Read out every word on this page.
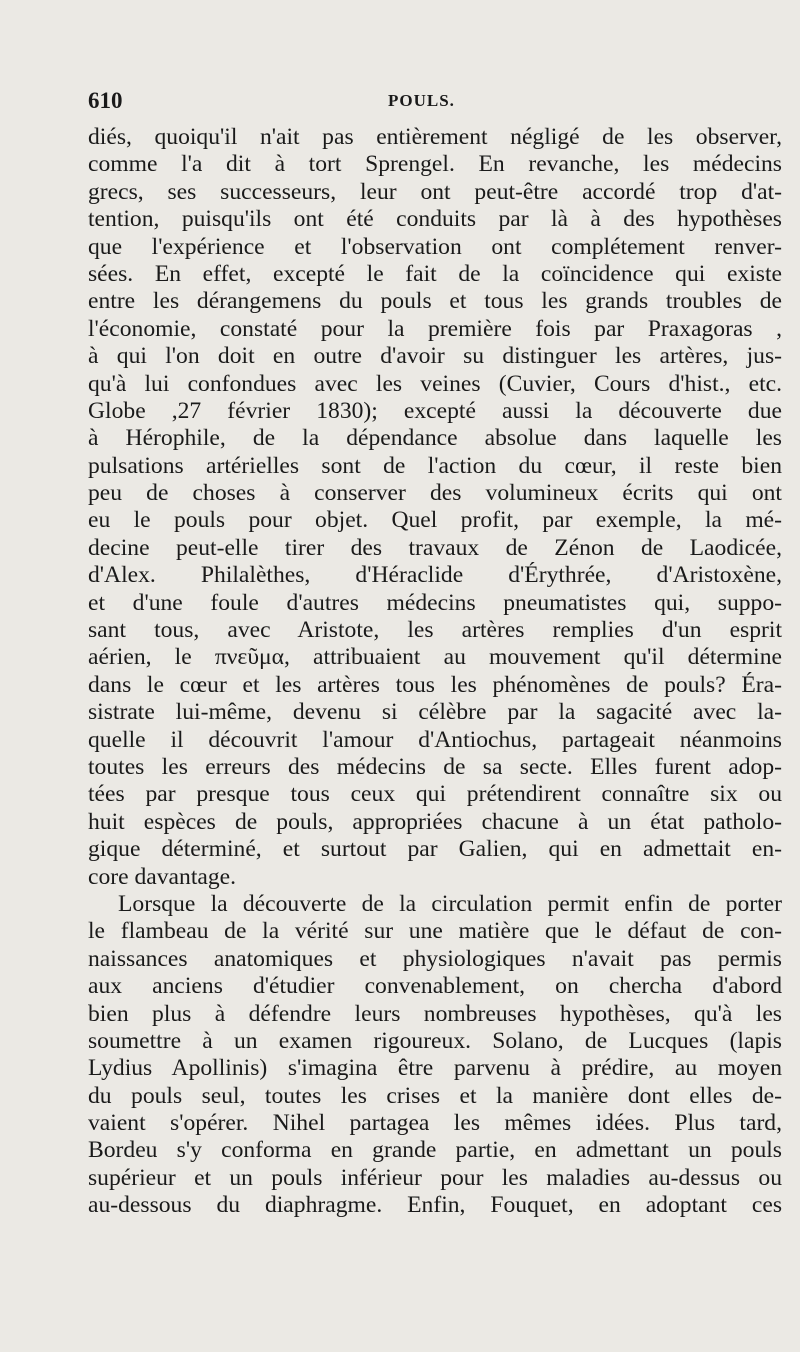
610	POULS.
diés, quoiqu'il n'ait pas entièrement négligé de les observer,
comme l'a dit à tort Sprengel. En revanche, les médecins
grecs, ses successeurs, leur ont peut-être accordé trop d'at-
tention, puisqu'ils ont été conduits par là à des hypothèses
que l'expérience et l'observation ont complétement renver-
sées. En effet, excepté le fait de la coïncidence qui existe
entre les dérangemens du pouls et tous les grands troubles de
l'économie, constaté pour la première fois par Praxagoras ,
à qui l'on doit en outre d'avoir su distinguer les artères, jus-
qu'à lui confondues avec les veines (Cuvier, Cours d'hist., etc.
Globe ,27 février 1830); excepté aussi la découverte due
à Hérophile, de la dépendance absolue dans laquelle les
pulsations artérielles sont de l'action du cœur, il reste bien
peu de choses à conserver des volumineux écrits qui ont
eu le pouls pour objet. Quel profit, par exemple, la mé-
decine peut-elle tirer des travaux de Zénon de Laodicée,
d'Alex. Philalèthes, d'Héraclide d'Érythrée, d'Aristoxène,
et d'une foule d'autres médecins pneumatistes qui, suppo-
sant tous, avec Aristote, les artères remplies d'un esprit
aérien, le πνεῦμα, attribuaient au mouvement qu'il détermine
dans le cœur et les artères tous les phénomènes de pouls? Éra-
sistrate lui-même, devenu si célèbre par la sagacité avec la-
quelle il découvrit l'amour d'Antiochus, partageait néanmoins
toutes les erreurs des médecins de sa secte. Elles furent adop-
tées par presque tous ceux qui prétendirent connaître six ou
huit espèces de pouls, appropriées chacune à un état patholo-
gique déterminé, et surtout par Galien, qui en admettait en-
core davantage.
Lorsque la découverte de la circulation permit enfin de porter
le flambeau de la vérité sur une matière que le défaut de con-
naissances anatomiques et physiologiques n'avait pas permis
aux anciens d'étudier convenablement, on chercha d'abord
bien plus à défendre leurs nombreuses hypothèses, qu'à les
soumettre à un examen rigoureux. Solano, de Lucques (lapis
Lydius Apollinis) s'imagina être parvenu à prédire, au moyen
du pouls seul, toutes les crises et la manière dont elles de-
vaient s'opérer. Nihel partagea les mêmes idées. Plus tard,
Bordeu s'y conforma en grande partie, en admettant un pouls
supérieur et un pouls inférieur pour les maladies au-dessus ou
au-dessous du diaphragme. Enfin, Fouquet, en adoptant ces
